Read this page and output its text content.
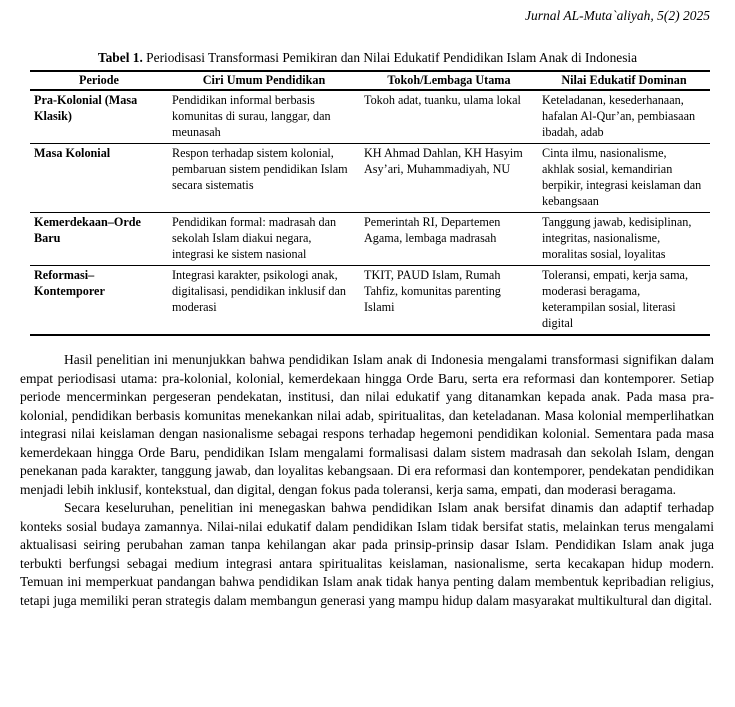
Jurnal AL-Muta`aliyah, 5(2) 2025
Tabel 1. Periodisasi Transformasi Pemikiran dan Nilai Edukatif Pendidikan Islam Anak di Indonesia
Periode	Ciri Umum Pendidikan	Tokoh/Lembaga Utama	Nilai Edukatif Dominan
Pra-Kolonial (Masa Klasik)	Pendidikan informal berbasis komunitas di surau, langgar, dan meunasah	Tokoh adat, tuanku, ulama lokal	Keteladanan, kesederhanaan, hafalan Al-Qur’an, pembiasaan ibadah, adab
Masa Kolonial	Respon terhadap sistem kolonial, pembaruan sistem pendidikan Islam secara sistematis	KH Ahmad Dahlan, KH Hasyim Asy’ari, Muhammadiyah, NU	Cinta ilmu, nasionalisme, akhlak sosial, kemandirian berpikir, integrasi keislaman dan kebangsaan
Kemerdekaan–Orde Baru	Pendidikan formal: madrasah dan sekolah Islam diakui negara, integrasi ke sistem nasional	Pemerintah RI, Departemen Agama, lembaga madrasah	Tanggung jawab, kedisiplinan, integritas, nasionalisme, moralitas sosial, loyalitas
Reformasi–Kontemporer	Integrasi karakter, psikologi anak, digitalisasi, pendidikan inklusif dan moderasi	TKIT, PAUD Islam, Rumah Tahfiz, komunitas parenting Islami	Toleransi, empati, kerja sama, moderasi beragama, keterampilan sosial, literasi digital

Hasil penelitian ini menunjukkan bahwa pendidikan Islam anak di Indonesia mengalami transformasi signifikan dalam empat periodisasi utama: pra-kolonial, kolonial, kemerdekaan hingga Orde Baru, serta era reformasi dan kontemporer. Setiap periode mencerminkan pergeseran pendekatan, institusi, dan nilai edukatif yang ditanamkan kepada anak. Pada masa pra-kolonial, pendidikan berbasis komunitas menekankan nilai adab, spiritualitas, dan keteladanan. Masa kolonial memperlihatkan integrasi nilai keislaman dengan nasionalisme sebagai respons terhadap hegemoni pendidikan kolonial. Sementara pada masa kemerdekaan hingga Orde Baru, pendidikan Islam mengalami formalisasi dalam sistem madrasah dan sekolah Islam, dengan penekanan pada karakter, tanggung jawab, dan loyalitas kebangsaan. Di era reformasi dan kontemporer, pendekatan pendidikan menjadi lebih inklusif, kontekstual, dan digital, dengan fokus pada toleransi, kerja sama, empati, dan moderasi beragama.

Secara keseluruhan, penelitian ini menegaskan bahwa pendidikan Islam anak bersifat dinamis dan adaptif terhadap konteks sosial budaya zamannya. Nilai-nilai edukatif dalam pendidikan Islam tidak bersifat statis, melainkan terus mengalami aktualisasi seiring perubahan zaman tanpa kehilangan akar pada prinsip-prinsip dasar Islam. Pendidikan Islam anak juga terbukti berfungsi sebagai medium integrasi antara spiritualitas keislaman, nasionalisme, serta kecakapan hidup modern. Temuan ini memperkuat pandangan bahwa pendidikan Islam anak tidak hanya penting dalam membentuk kepribadian religius, tetapi juga memiliki peran strategis dalam membangun generasi yang mampu hidup dalam masyarakat multikultural dan digital.
